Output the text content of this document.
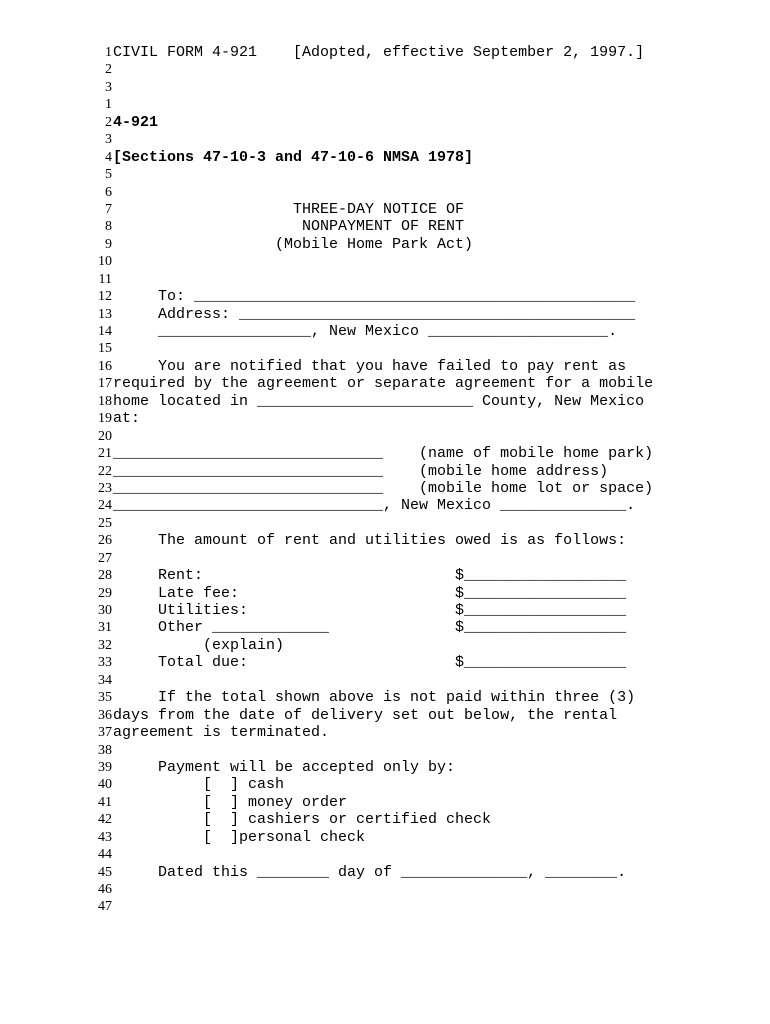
1 CIVIL FORM 4-921    [Adopted, effective September 2, 1997.]
2
3
1
2 4-921
3
4 [Sections 47-10-3 and 47-10-6 NMSA 1978]
5
6
7 THREE-DAY NOTICE OF
8 NONPAYMENT OF RENT
9 (Mobile Home Park Act)
10
11
12 To: _________________________________________________
13 Address: ____________________________________________
14 _________________, New Mexico ____________________.
15
16 You are notified that you have failed to pay rent as
17 required by the agreement or separate agreement for a mobile
18 home located in ________________________ County, New Mexico
19 at:
20
21 ______________________________    (name of mobile home park)
22 ______________________________    (mobile home address)
23 ______________________________    (mobile home lot or space)
24 ______________________________, New Mexico ______________.
25
26 The amount of rent and utilities owed is as follows:
27
28 Rent:                            $__________________
29 Late fee:                        $__________________
30 Utilities:                       $__________________
31 Other _____________              $__________________
32 (explain)
33 Total due:                       $__________________
34
35 If the total shown above is not paid within three (3)
36 days from the date of delivery set out below, the rental
37 agreement is terminated.
38
39 Payment will be accepted only by:
40 [  ] cash
41 [  ] money order
42 [  ] cashiers or certified check
43 [  ]personal check
44
45 Dated this ________ day of ______________, ________.
46
47
